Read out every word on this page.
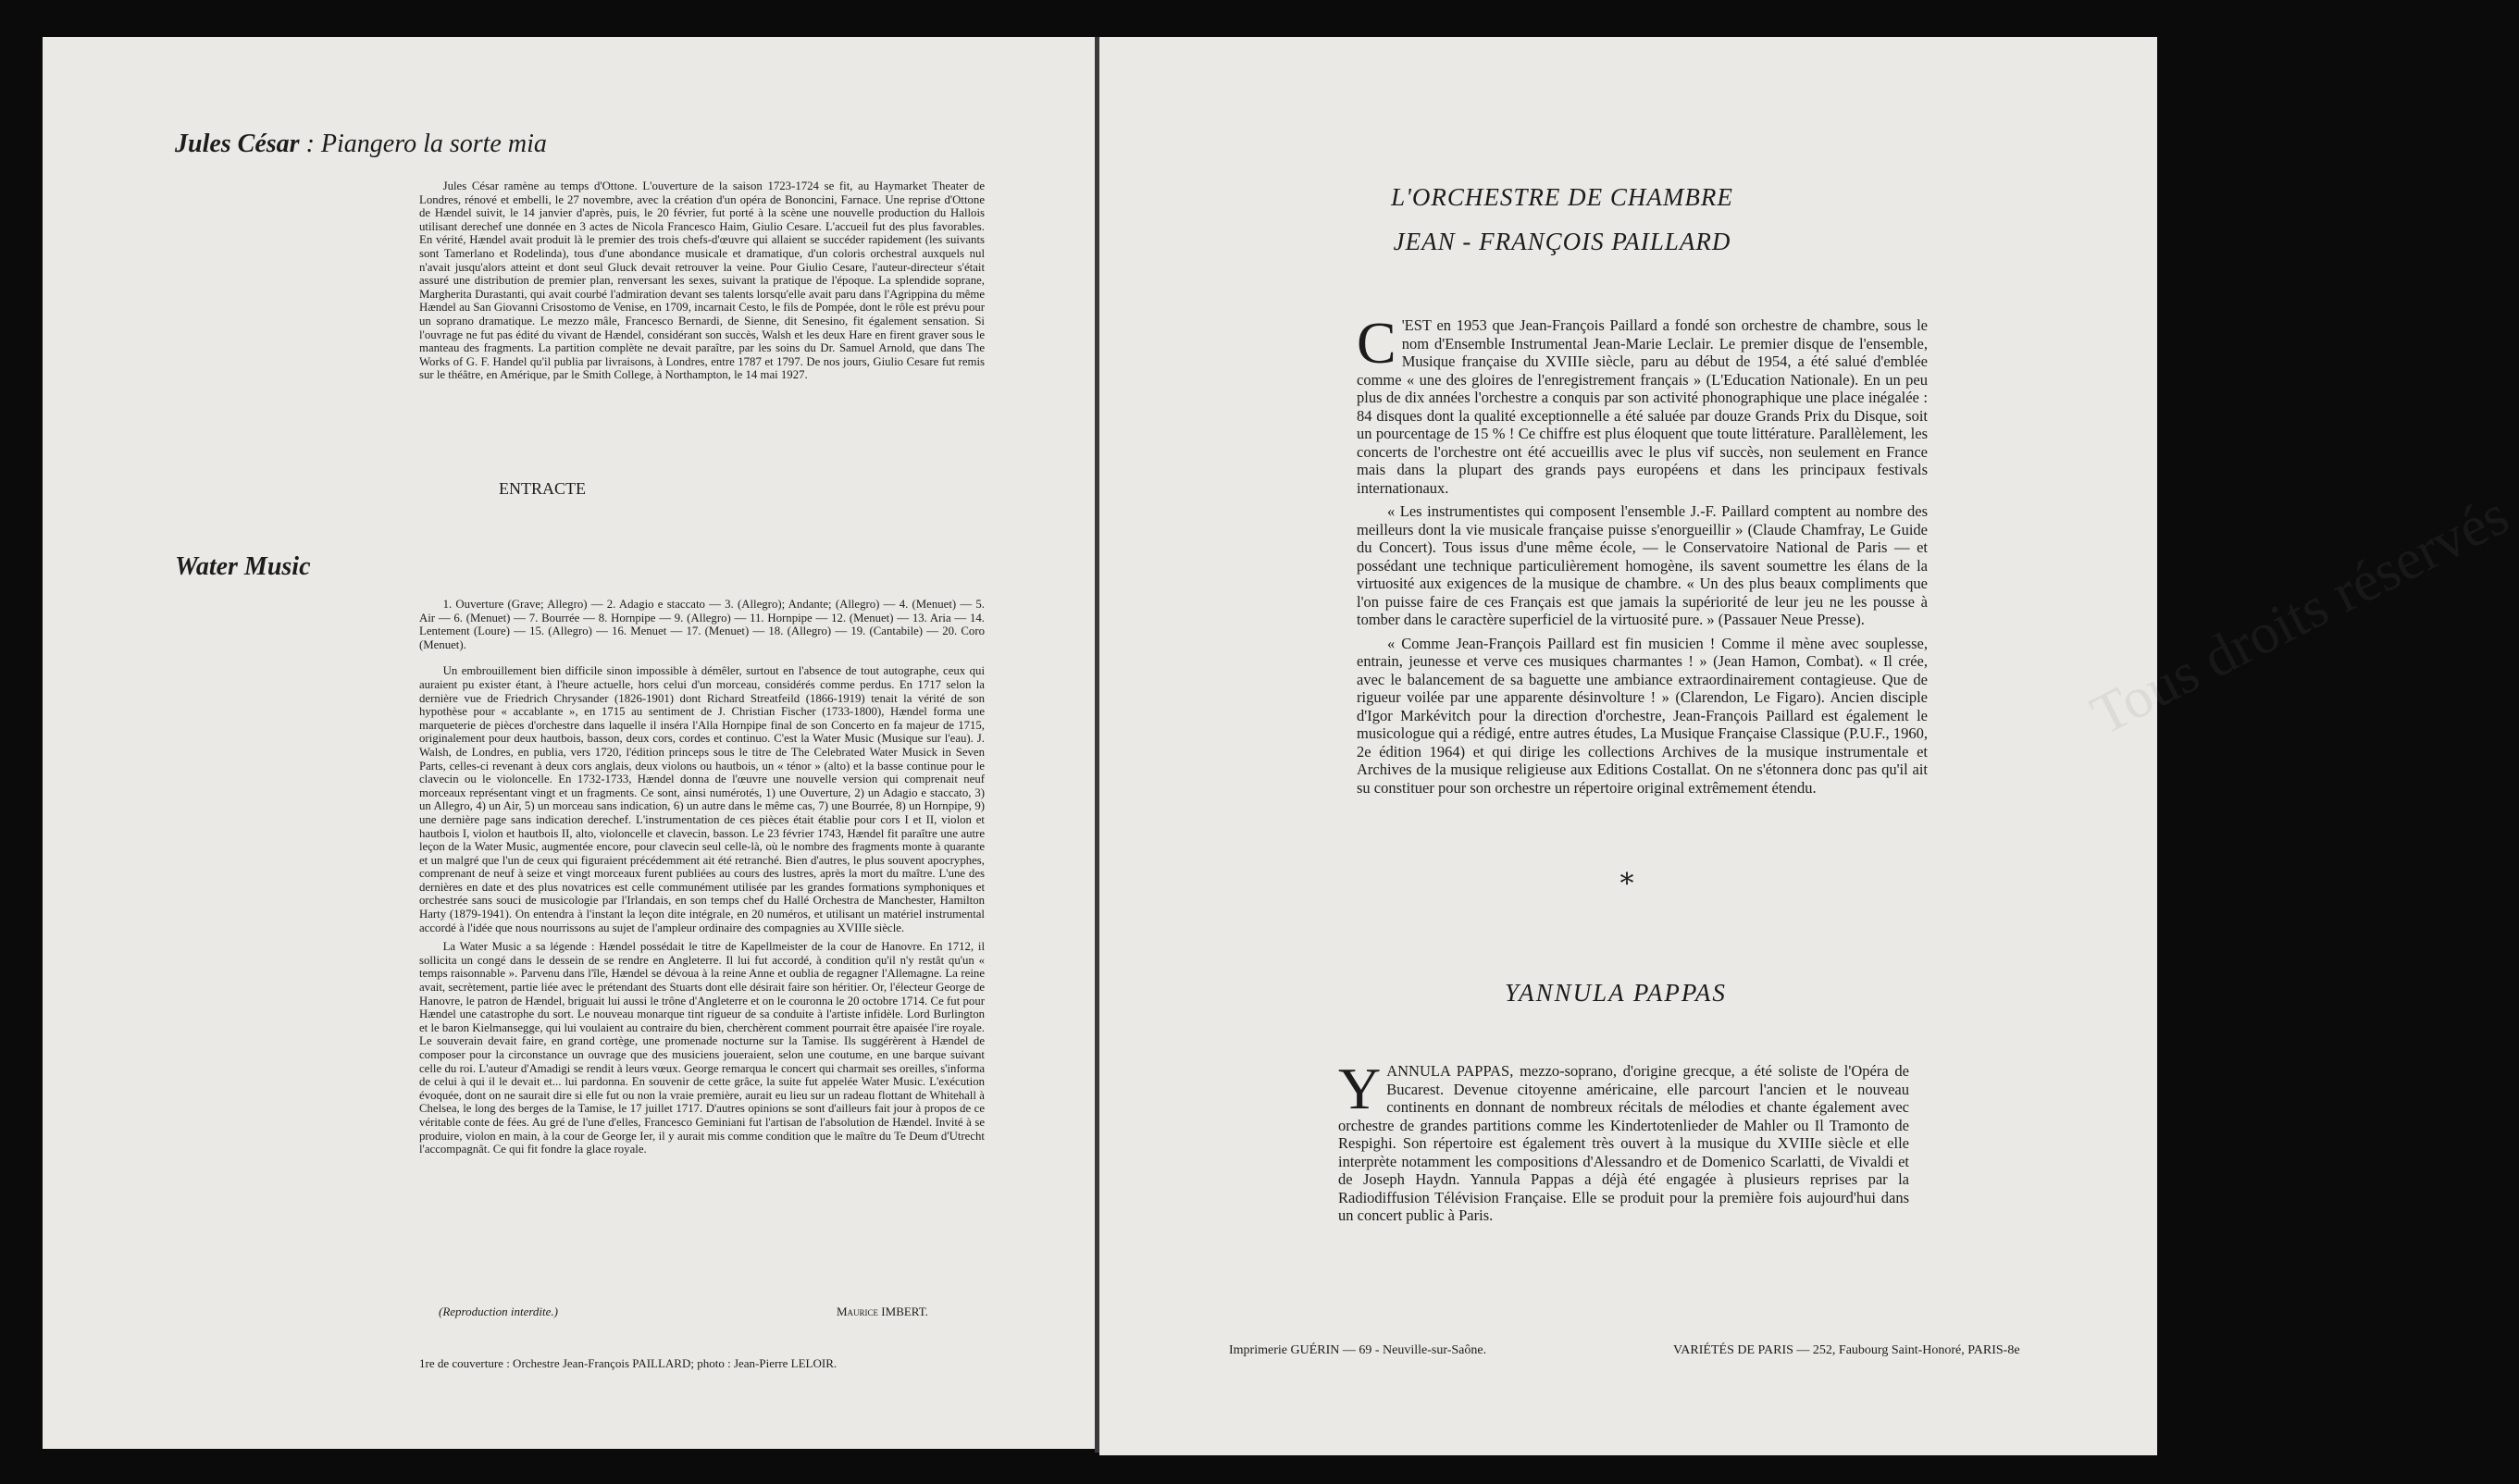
Jules César : Piangero la sorte mia

Jules César ramène au temps d'Ottone. L'ouverture de la saison 1723-1724 se fit, au Haymarket Theater de Londres, rénové et embelli, le 27 novembre, avec la création d'un opéra de Bononcini, Farnace. Une reprise d'Ottone de Hændel suivit, le 14 janvier d'après, puis, le 20 février, fut porté à la scène une nouvelle production du Hallois utilisant derechef une donnée en 3 actes de Nicola Francesco Haim, Giulio Cesare. L'accueil fut des plus favorables. En vérité, Hændel avait produit là le premier des trois chefs-d'œuvre qui allaient se succéder rapidement (les suivants sont Tamerlano et Rodelinda), tous d'une abondance musicale et dramatique, d'un coloris orchestral auxquels nul n'avait jusqu'alors atteint et dont seul Gluck devait retrouver la veine. Pour Giulio Cesare, l'auteur-directeur s'était assuré une distribution de premier plan, renversant les sexes, suivant la pratique de l'époque. La splendide soprane, Margherita Durastanti, qui avait courbé l'admiration devant ses talents lorsqu'elle avait paru dans l'Agrippina du même Hændel au San Giovanni Crisostomo de Venise, en 1709, incarnait Cesto, le fils de Pompée, dont le rôle est prévu pour un soprano dramatique. Le mezzo mâle, Francesco Bernardi, de Sienne, dit Senesino, fit également sensation. Si l'ouvrage ne fut pas édité du vivant de Hændel, considérant son succès, Walsh et les deux Hare en firent graver sous le manteau des fragments. La partition complète ne devait paraître, par les soins du Dr. Samuel Arnold, que dans The Works of G. F. Handel qu'il publia par livraisons, à Londres, entre 1787 et 1797. De nos jours, Giulio Cesare fut remis sur le théâtre, en Amérique, par le Smith College, à Northampton, le 14 mai 1927.

ENTRACTE
Water Music

1. Ouverture (Grave; Allegro) — 2. Adagio e staccato — 3. (Allegro); Andante; (Allegro) — 4. (Menuet) — 5. Air — 6. (Menuet) — 7. Bourrée — 8. Hornpipe — 9. (Allegro) — 11. Hornpipe — 12. (Menuet) — 13. Aria — 14. Lentement (Loure) — 15. (Allegro) — 16. Menuet — 17. (Menuet) — 18. (Allegro) — 19. (Cantabile) — 20. Coro (Menuet).

Un embrouillement bien difficile sinon impossible à démêler, surtout en l'absence de tout autographe, ceux qui auraient pu exister étant, à l'heure actuelle, hors celui d'un morceau, considérés comme perdus. En 1717 selon la dernière vue de Friedrich Chrysander (1826-1901) dont Richard Streatfeild (1866-1919) tenait la vérité de son hypothèse pour « accablante », en 1715 au sentiment de J. Christian Fischer (1733-1800), Hændel forma une marqueterie de pièces d'orchestre dans laquelle il inséra l'Alla Hornpipe final de son Concerto en fa majeur de 1715, originalement pour deux hautbois, basson, deux cors, cordes et continuo. C'est la Water Music (Musique sur l'eau). J. Walsh, de Londres, en publia, vers 1720, l'édition princeps sous le titre de The Celebrated Water Musick in Seven Parts, celles-ci revenant à deux cors anglais, deux violons ou hautbois, un « ténor » (alto) et la basse continue pour le clavecin ou le violoncelle. En 1732-1733, Hændel donna de l'œuvre une nouvelle version qui comprenait neuf morceaux représentant vingt et un fragments. Ce sont, ainsi numérotés, 1) une Ouverture, 2) un Adagio e staccato, 3) un Allegro, 4) un Air, 5) un morceau sans indication, 6) un autre dans le même cas, 7) une Bourrée, 8) un Hornpipe, 9) une dernière page sans indication derechef. L'instrumentation de ces pièces était établie pour cors I et II, violon et hautbois I, violon et hautbois II, alto, violoncelle et clavecin, basson. Le 23 février 1743, Hændel fit paraître une autre leçon de la Water Music, augmentée encore, pour clavecin seul celle-là, où le nombre des fragments monte à quarante et un malgré que l'un de ceux qui figuraient précédemment ait été retranché. Bien d'autres, le plus souvent apocryphes, comprenant de neuf à seize et vingt morceaux furent publiées au cours des lustres, après la mort du maître. L'une des dernières en date et des plus novatrices est celle communément utilisée par les grandes formations symphoniques et orchestrée sans souci de musicologie par l'Irlandais, en son temps chef du Hallé Orchestra de Manchester, Hamilton Harty (1879-1941). On entendra à l'instant la leçon dite intégrale, en 20 numéros, et utilisant un matériel instrumental accordé à l'idée que nous nourrissons au sujet de l'ampleur ordinaire des compagnies au XVIIIe siècle.

La Water Music a sa légende : Hændel possédait le titre de Kapellmeister de la cour de Hanovre. En 1712, il sollicita un congé dans le dessein de se rendre en Angleterre. Il lui fut accordé, à condition qu'il n'y restât qu'un « temps raisonnable ». Parvenu dans l'île, Hændel se dévoua à la reine Anne et oublia de regagner l'Allemagne. La reine avait, secrètement, partie liée avec le prétendant des Stuarts dont elle désirait faire son héritier. Or, l'électeur George de Hanovre, le patron de Hændel, briguait lui aussi le trône d'Angleterre et on le couronna le 20 octobre 1714. Ce fut pour Hændel une catastrophe du sort. Le nouveau monarque tint rigueur de sa conduite à l'artiste infidèle. Lord Burlington et le baron Kielmansegge, qui lui voulaient au contraire du bien, cherchèrent comment pourrait être apaisée l'ire royale. Le souverain devait faire, en grand cortège, une promenade nocturne sur la Tamise. Ils suggérèrent à Hændel de composer pour la circonstance un ouvrage que des musiciens joueraient, selon une coutume, en une barque suivant celle du roi. L'auteur d'Amadigi se rendit à leurs vœux. George remarqua le concert qui charmait ses oreilles, s'informa de celui à qui il le devait et... lui pardonna. En souvenir de cette grâce, la suite fut appelée Water Music. L'exécution évoquée, dont on ne saurait dire si elle fut ou non la vraie première, aurait eu lieu sur un radeau flottant de Whitehall à Chelsea, le long des berges de la Tamise, le 17 juillet 1717. D'autres opinions se sont d'ailleurs fait jour à propos de ce véritable conte de fées. Au gré de l'une d'elles, Francesco Geminiani fut l'artisan de l'absolution de Hændel. Invité à se produire, violon en main, à la cour de George Ier, il y aurait mis comme condition que le maître du Te Deum d'Utrecht l'accompagnât. Ce qui fit fondre la glace royale.

(Reproduction interdite.)	Maurice IMBERT.
1re de couverture : Orchestre Jean-François PAILLARD; photo : Jean-Pierre LELOIR.
Tous droits réservés
L'ORCHESTRE DE CHAMBRE
JEAN - FRANÇOIS PAILLARD

C 'EST en 1953 que Jean-François Paillard a fondé son orchestre de chambre, sous le nom d'Ensemble Instrumental Jean-Marie Leclair. Le premier disque de l'ensemble, Musique française du XVIIIe siècle, paru au début de 1954, a été salué d'emblée comme « une des gloires de l'enregistrement français » (L'Education Nationale). En un peu plus de dix années l'orchestre a conquis par son activité phonographique une place inégalée : 84 disques dont la qualité exceptionnelle a été saluée par douze Grands Prix du Disque, soit un pourcentage de 15 % ! Ce chiffre est plus éloquent que toute littérature. Parallèlement, les concerts de l'orchestre ont été accueillis avec le plus vif succès, non seulement en France mais dans la plupart des grands pays européens et dans les principaux festivals internationaux.

« Les instrumentistes qui composent l'ensemble J.-F. Paillard comptent au nombre des meilleurs dont la vie musicale française puisse s'enorgueillir » (Claude Chamfray, Le Guide du Concert). Tous issus d'une même école, — le Conservatoire National de Paris — et possédant une technique particulièrement homogène, ils savent soumettre les élans de la virtuosité aux exigences de la musique de chambre. « Un des plus beaux compliments que l'on puisse faire de ces Français est que jamais la supériorité de leur jeu ne les pousse à tomber dans le caractère superficiel de la virtuosité pure. » (Passauer Neue Presse).

« Comme Jean-François Paillard est fin musicien ! Comme il mène avec souplesse, entrain, jeunesse et verve ces musiques charmantes ! » (Jean Hamon, Combat). « Il crée, avec le balancement de sa baguette une ambiance extraordinairement contagieuse. Que de rigueur voilée par une apparente désinvolture ! » (Clarendon, Le Figaro). Ancien disciple d'Igor Markévitch pour la direction d'orchestre, Jean-François Paillard est également le musicologue qui a rédigé, entre autres études, La Musique Française Classique (P.U.F., 1960, 2e édition 1964) et qui dirige les collections Archives de la musique instrumentale et Archives de la musique religieuse aux Editions Costallat. On ne s'étonnera donc pas qu'il ait su constituer pour son orchestre un répertoire original extrêmement étendu.

*
YANNULA PAPPAS

YANNULA PAPPAS, mezzo-soprano, d'origine grecque, a été soliste de l'Opéra de Bucarest. Devenue citoyenne américaine, elle parcourt l'ancien et le nouveau continents en donnant de nombreux récitals de mélodies et chante également avec orchestre de grandes partitions comme les Kindertotenlieder de Mahler ou Il Tramonto de Respighi. Son répertoire est également très ouvert à la musique du XVIIIe siècle et elle interprète notamment les compositions d'Alessandro et de Domenico Scarlatti, de Vivaldi et de Joseph Haydn. Yannula Pappas a déjà été engagée à plusieurs reprises par la Radiodiffusion Télévision Française. Elle se produit pour la première fois aujourd'hui dans un concert public à Paris.

Imprimerie GUÉRIN — 69 - Neuville-sur-Saône.	VARIÉTÉS DE PARIS — 252, Faubourg Saint-Honoré, PARIS-8e
